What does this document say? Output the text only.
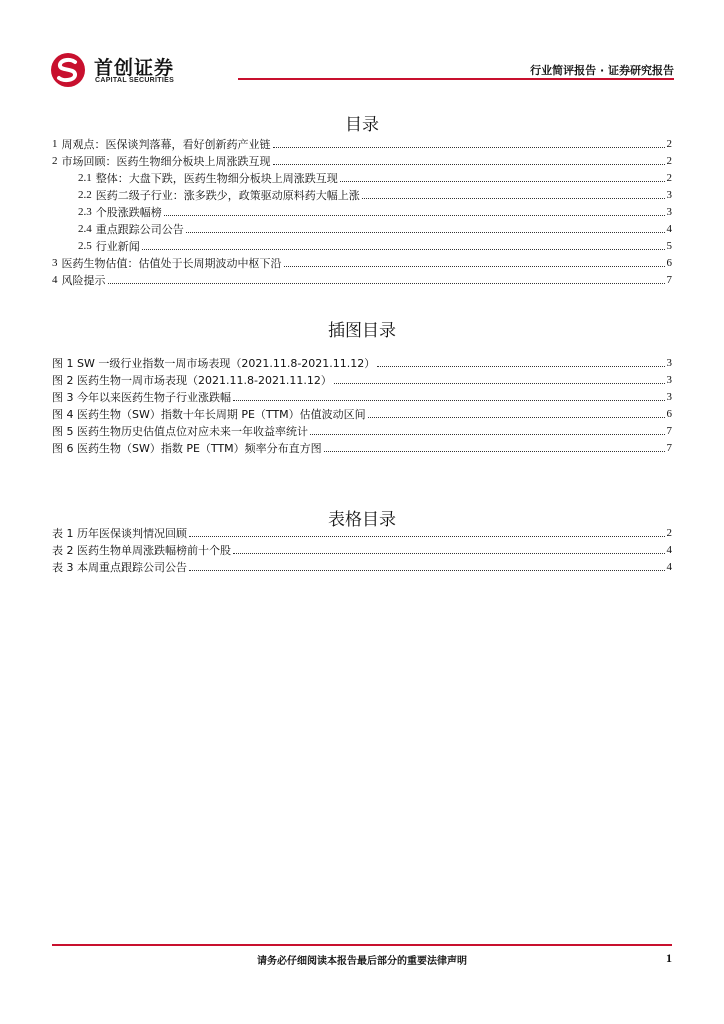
首创证券
CAPITAL SECURITIES
行业简评报告 · 证券研究报告
目录
1 周观点：医保谈判落幕，看好创新药产业链	2
2 市场回顾：医药生物细分板块上周涨跌互现	2
2.1 整体：大盘下跌，医药生物细分板块上周涨跌互现	2
2.2 医药二级子行业：涨多跌少，政策驱动原料药大幅上涨	3
2.3 个股涨跌幅榜	3
2.4 重点跟踪公司公告	4
2.5 行业新闻	5
3 医药生物估值：估值处于长周期波动中枢下沿	6
4 风险提示	7
插图目录
图 1 SW 一级行业指数一周市场表现（2021.11.8-2021.11.12）	3
图 2 医药生物一周市场表现（2021.11.8-2021.11.12）	3
图 3 今年以来医药生物子行业涨跌幅	3
图 4 医药生物（SW）指数十年长周期 PE（TTM）估值波动区间	6
图 5 医药生物历史估值点位对应未来一年收益率统计	7
图 6 医药生物（SW）指数 PE（TTM）频率分布直方图	7
表格目录
表 1 历年医保谈判情况回顾	2
表 2 医药生物单周涨跌幅榜前十个股	4
表 3 本周重点跟踪公司公告	4
请务必仔细阅读本报告最后部分的重要法律声明	1
